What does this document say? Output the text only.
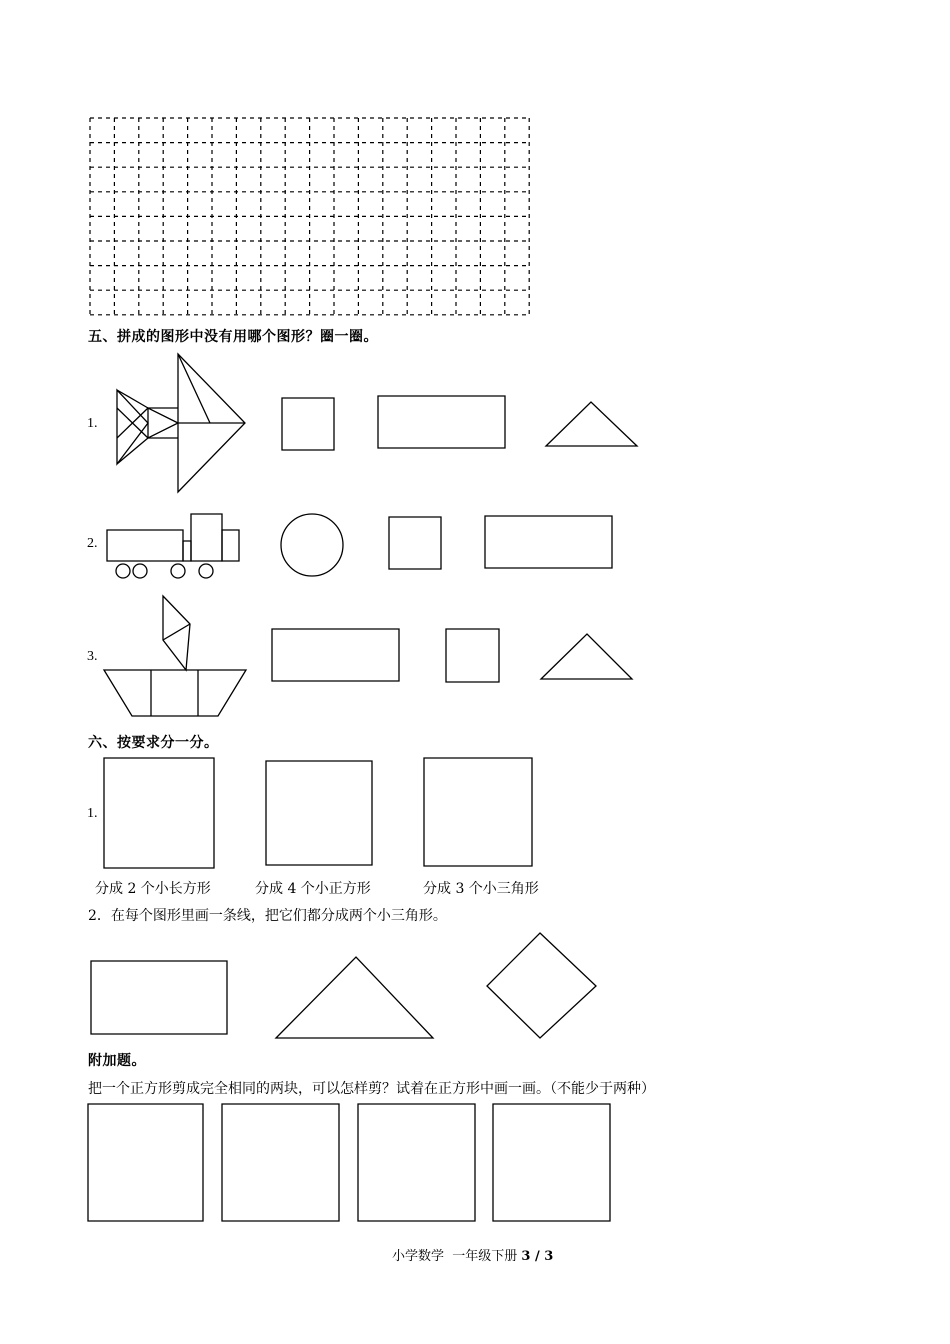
五、拼成的图形中没有用哪个图形？圈一圈。
1.
2.
3.
六、按要求分一分。
1.
分成 2 个小长方形	分成 4 个小正方形	分成 3 个小三角形
2．在每个图形里画一条线，把它们都分成两个小三角形。
附加题。
把一个正方形剪成完全相同的两块，可以怎样剪？试着在正方形中画一画。（不能少于两种）
小学数学  一年级下册 3 / 3
